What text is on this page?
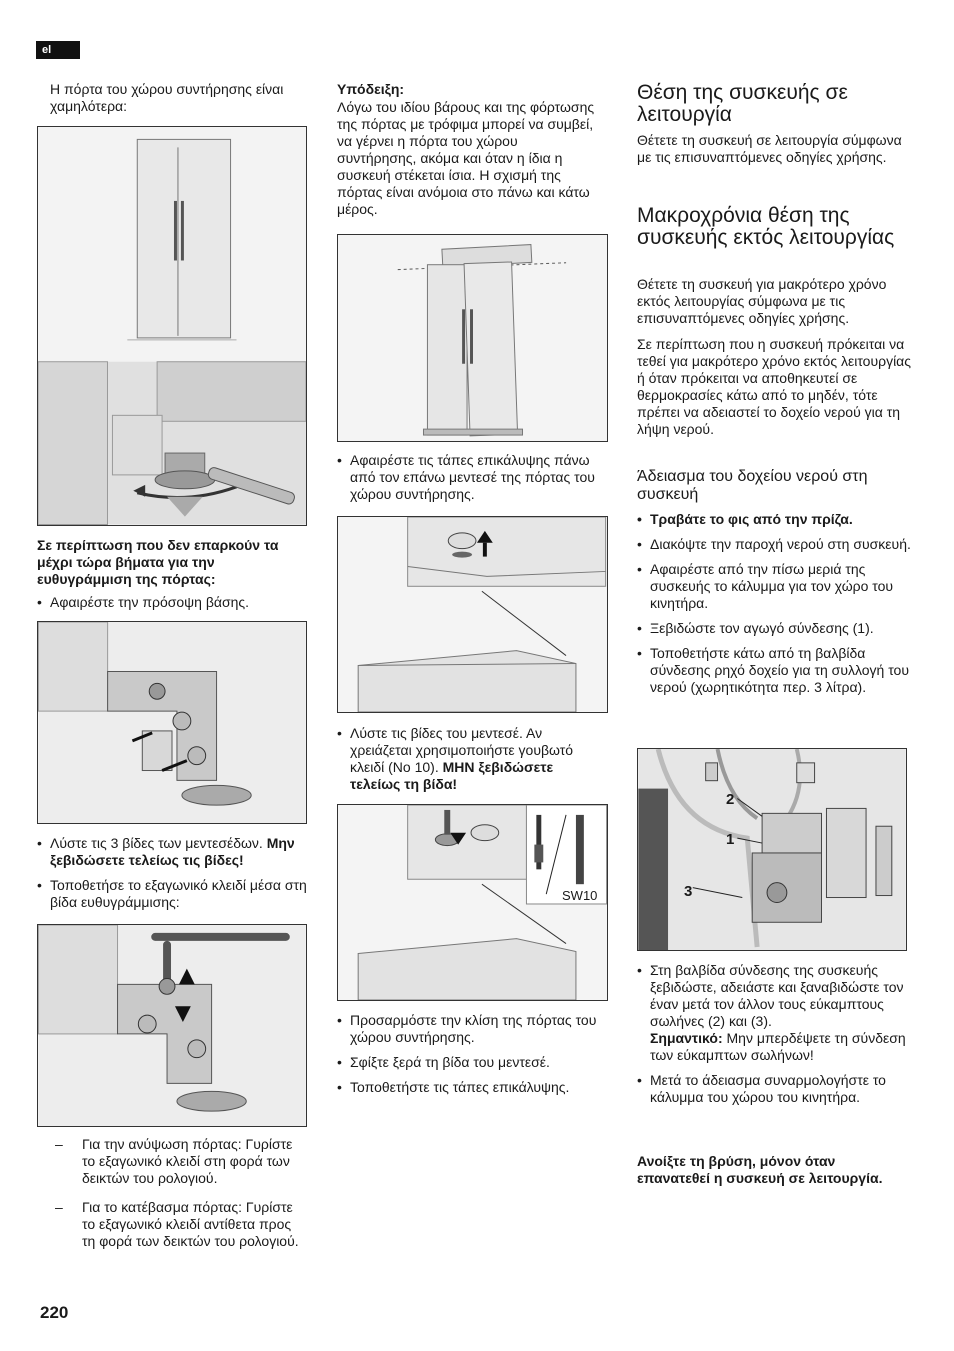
el
Η πόρτα του χώρου συντήρησης είναι χαμηλότερα:
Σε περίπτωση που δεν επαρκούν τα μέχρι τώρα βήματα για την ευθυγράμμιση της πόρτας:
• Αφαιρέστε την πρόσοψη βάσης.
• Λύστε τις 3 βίδες των μεντεσέδων. Μην ξεβιδώσετε τελείως τις βίδες!
• Τοποθετήσε το εξαγωνικό κλειδί μέσα στη βίδα ευθυγράμμισης:
– Για την ανύψωση πόρτας: Γυρίστε το εξαγωνικό κλειδί στη φορά των δεικτών του ρολογιού.
– Για το κατέβασμα πόρτας: Γυρίστε το εξαγωνικό κλειδί αντίθετα προς τη φορά των δεικτών του ρολογιού.
Υπόδειξη:
Λόγω του ιδίου βάρους και της φόρτωσης της πόρτας με τρόφιμα μπορεί να συμβεί, να γέρνει η πόρτα του χώρου συντήρησης, ακόμα και όταν η ίδια η συσκευή στέκεται ίσια. Η σχισμή της πόρτας είναι ανόμοια στο πάνω και κάτω μέρος.
• Αφαιρέστε τις τάπες επικάλυψης πάνω από τον επάνω μεντεσέ της πόρτας του χώρου συντήρησης.
• Λύστε τις βίδες του μεντεσέ. Αν χρειάζεται χρησιμοποιήστε γουβωτό κλειδί (Νο 10). ΜΗΝ ξεβιδώσετε τελείως τη βίδα!
SW10
• Προσαρμόστε την κλίση της πόρτας του χώρου συντήρησης.
• Σφίξτε ξερά τη βίδα του μεντεσέ.
• Τοποθετήστε τις τάπες επικάλυψης.
Θέση της συσκευής σε λειτουργία
Θέτετε τη συσκευή σε λειτουργία σύμφωνα με τις επισυναπτόμενες οδηγίες χρήσης.
Μακροχρόνια θέση της συσκευής εκτός λειτουργίας
Θέτετε τη συσκευή για μακρότερο χρόνο εκτός λειτουργίας σύμφωνα με τις επισυναπτόμενες οδηγίες χρήσης.
Σε περίπτωση που η συσκευή πρόκειται να τεθεί για μακρότερο χρόνο εκτός λειτουργίας ή όταν πρόκειται να αποθηκευτεί σε θερμοκρασίες κάτω από το μηδέν, τότε πρέπει να αδειαστεί το δοχείο νερού για τη λήψη νερού.
Άδειασμα του δοχείου νερού στη συσκευή
• Τραβάτε το φις από την πρίζα.
• Διακόψτε την παροχή νερού στη συσκευή.
• Αφαιρέστε από την πίσω μεριά της συσκευής το κάλυμμα για τον χώρο του κινητήρα.
• Ξεβιδώστε τον αγωγό σύνδεσης (1).
• Τοποθετήστε κάτω από τη βαλβίδα σύνδεσης ρηχό δοχείο για τη συλλογή του νερού (χωρητικότητα περ. 3 λίτρα).
2
1
3
• Στη βαλβίδα σύνδεσης της συσκευής ξεβιδώστε, αδειάστε και ξαναβιδώστε τον έναν μετά τον άλλον τους εύκαμπτους σωλήνες (2) και (3).
Σημαντικό: Μην μπερδέψετε τη σύνδεση των εύκαμπτων σωλήνων!
• Μετά το άδειασμα συναρμολογήστε το κάλυμμα του χώρου του κινητήρα.
Ανοίξτε τη βρύση, μόνον όταν επανατεθεί η συσκευή σε λειτουργία.
220
